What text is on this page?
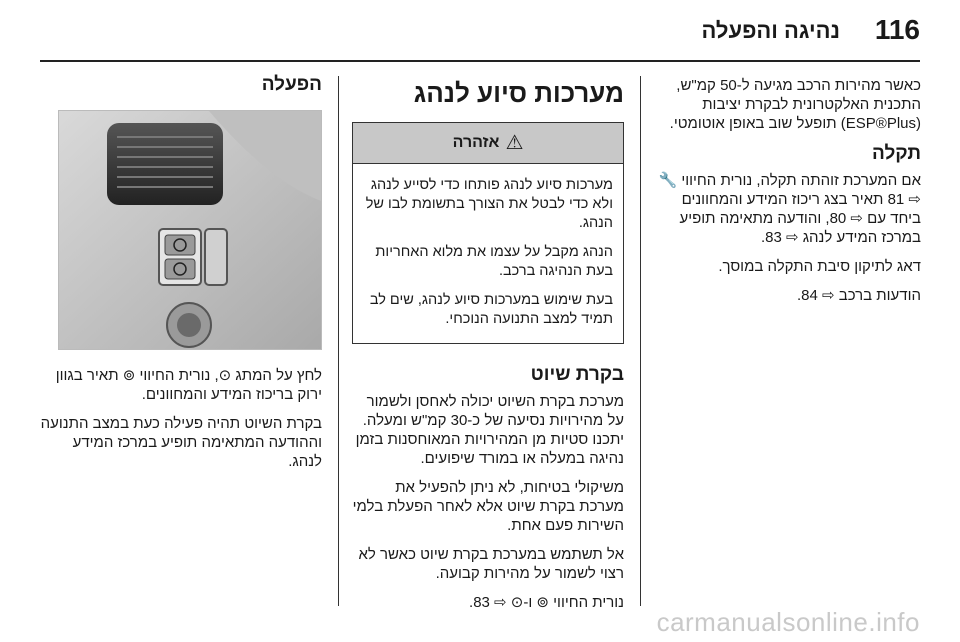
116
נהיגה והפעלה

כאשר מהירות הרכב מגיעה ל-50 קמ"ש, התכנית האלקטרונית לבקרת יציבות (ESP®Plus) תופעל שוב באופן אוטומטי.

תקלה

אם המערכת זוהתה תקלה, נורית החיווי 🔧 ⇨ 81 תאיר בצג ריכוז המידע והמחוונים ביחד עם ⇨ 80, והודעה מתאימה תופיע במרכז המידע לנהג ⇨ 83.

דאג לתיקון סיבת התקלה במוסך.

הודעות ברכב ⇨ 84.

מערכות סיוע לנהג
⚠
אזהרה

מערכות סיוע לנהג פותחו כדי לסייע לנהג ולא כדי לבטל את הצורך בתשומת לבו של הנהג.

הנהג מקבל על עצמו את מלוא האחריות בעת הנהיגה ברכב.

בעת שימוש במערכות סיוע לנהג, שים לב תמיד למצב התנועה הנוכחי.

בקרת שיוט

מערכת בקרת השיוט יכולה לאחסן ולשמור על מהירויות נסיעה של כ-30 קמ"ש ומעלה. יתכנו סטיות מן המהירויות המאוחסנות בזמן נהיגה במעלה או במורד שיפועים.

משיקולי בטיחות, לא ניתן להפעיל את מערכת בקרת שיוט אלא לאחר הפעלת בלמי השירות פעם אחת.

אל תשתמש במערכת בקרת שיוט כאשר לא רצוי לשמור על מהירות קבועה.

נורית החיווי ⊚ ו-⊙ ⇨ 83.

הפעלה

לחץ על המתג ⊙, נורית החיווי ⊚ תאיר בגוון ירוק בריכוז המידע והמחוונים.

בקרת השיוט תהיה פעילה כעת במצב התנועה וההודעה המתאימה תופיע במרכז המידע לנהג.

carmanualsonline.info
